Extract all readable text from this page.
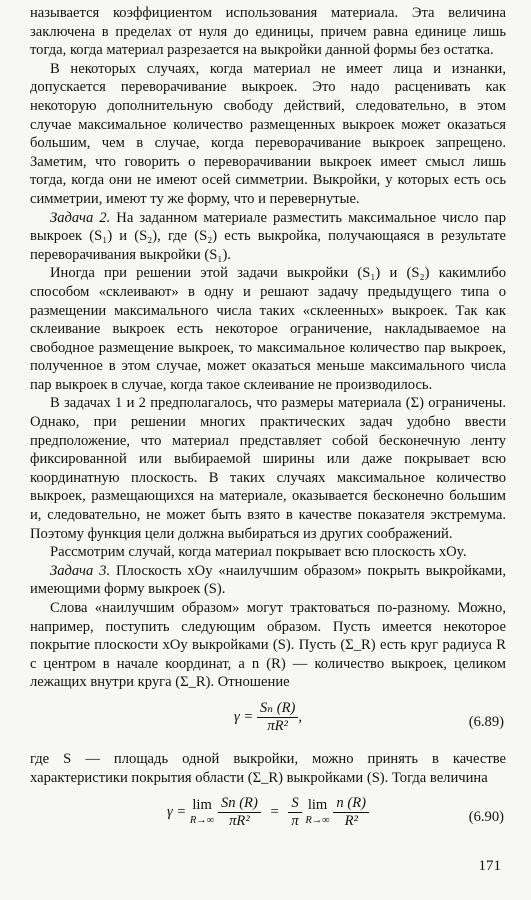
называется коэффициентом использования материала. Эта величина заключена в пределах от нуля до единицы, причем равна единице лишь тогда, когда материал разрезается на выкройки данной формы без остатка.

В некоторых случаях, когда материал не имеет лица и изнанки, допускается переворачивание выкроек. Это надо расценивать как некоторую дополнительную свободу действий, следовательно, в этом случае максимальное количество размещенных выкроек может оказаться большим, чем в случае, когда переворачивание выкроек запрещено. Заметим, что говорить о переворачивании выкроек имеет смысл лишь тогда, когда они не имеют осей симметрии. Выкройки, у которых есть ось симметрии, имеют ту же форму, что и перевернутые.

Задача 2. На заданном материале разместить максимальное число пар выкроек (S₁) и (S₂), где (S₂) есть выкройка, получающаяся в результате переворачивания выкройки (S₁).

Иногда при решении этой задачи выкройки (S₁) и (S₂) какимлибо способом «склеивают» в одну и решают задачу предыдущего типа о размещении максимального числа таких «склеенных» выкроек. Так как склеивание выкроек есть некоторое ограничение, накладываемое на свободное размещение выкроек, то максимальное количество пар выкроек, полученное в этом случае, может оказаться меньше максимального числа пар выкроек в случае, когда такое склеивание не производилось.

В задачах 1 и 2 предполагалось, что размеры материала (Σ) ограничены. Однако, при решении многих практических задач удобно ввести предположение, что материал представляет собой бесконечную ленту фиксированной или выбираемой ширины или даже покрывает всю координатную плоскость. В таких случаях максимальное количество выкроек, размещающихся на материале, оказывается бесконечно большим и, следовательно, не может быть взято в качестве показателя экстремума. Поэтому функция цели должна выбираться из других соображений.

Рассмотрим случай, когда материал покрывает всю плоскость xOy.

Задача 3. Плоскость xOy «наилучшим образом» покрыть выкройками, имеющими форму выкроек (S).

Слова «наилучшим образом» могут трактоваться по-разному. Можно, например, поступить следующим образом. Пусть имеется некоторое покрытие плоскости xOy выкройками (S). Пусть (Σ_R) есть круг радиуса R с центром в начале координат, а n (R) — количество выкроек, целиком лежащих внутри круга (Σ_R). Отношение

$\gamma = \frac{\text{Sₙ (R)}}{\text{πR²}}$ ,	(6.89)

где S — площадь одной выкройки, можно принять в качестве характеристики покрытия области (Σ_R) выкройками (S). Тогда величина

γ = lim
R→∞
$\frac{Sn (R)}{\text{πR²}} = \frac{S}{\pi}$ lim
R→∞
$\frac{n (R)}{\text{R²}}$	(6.90)
171
